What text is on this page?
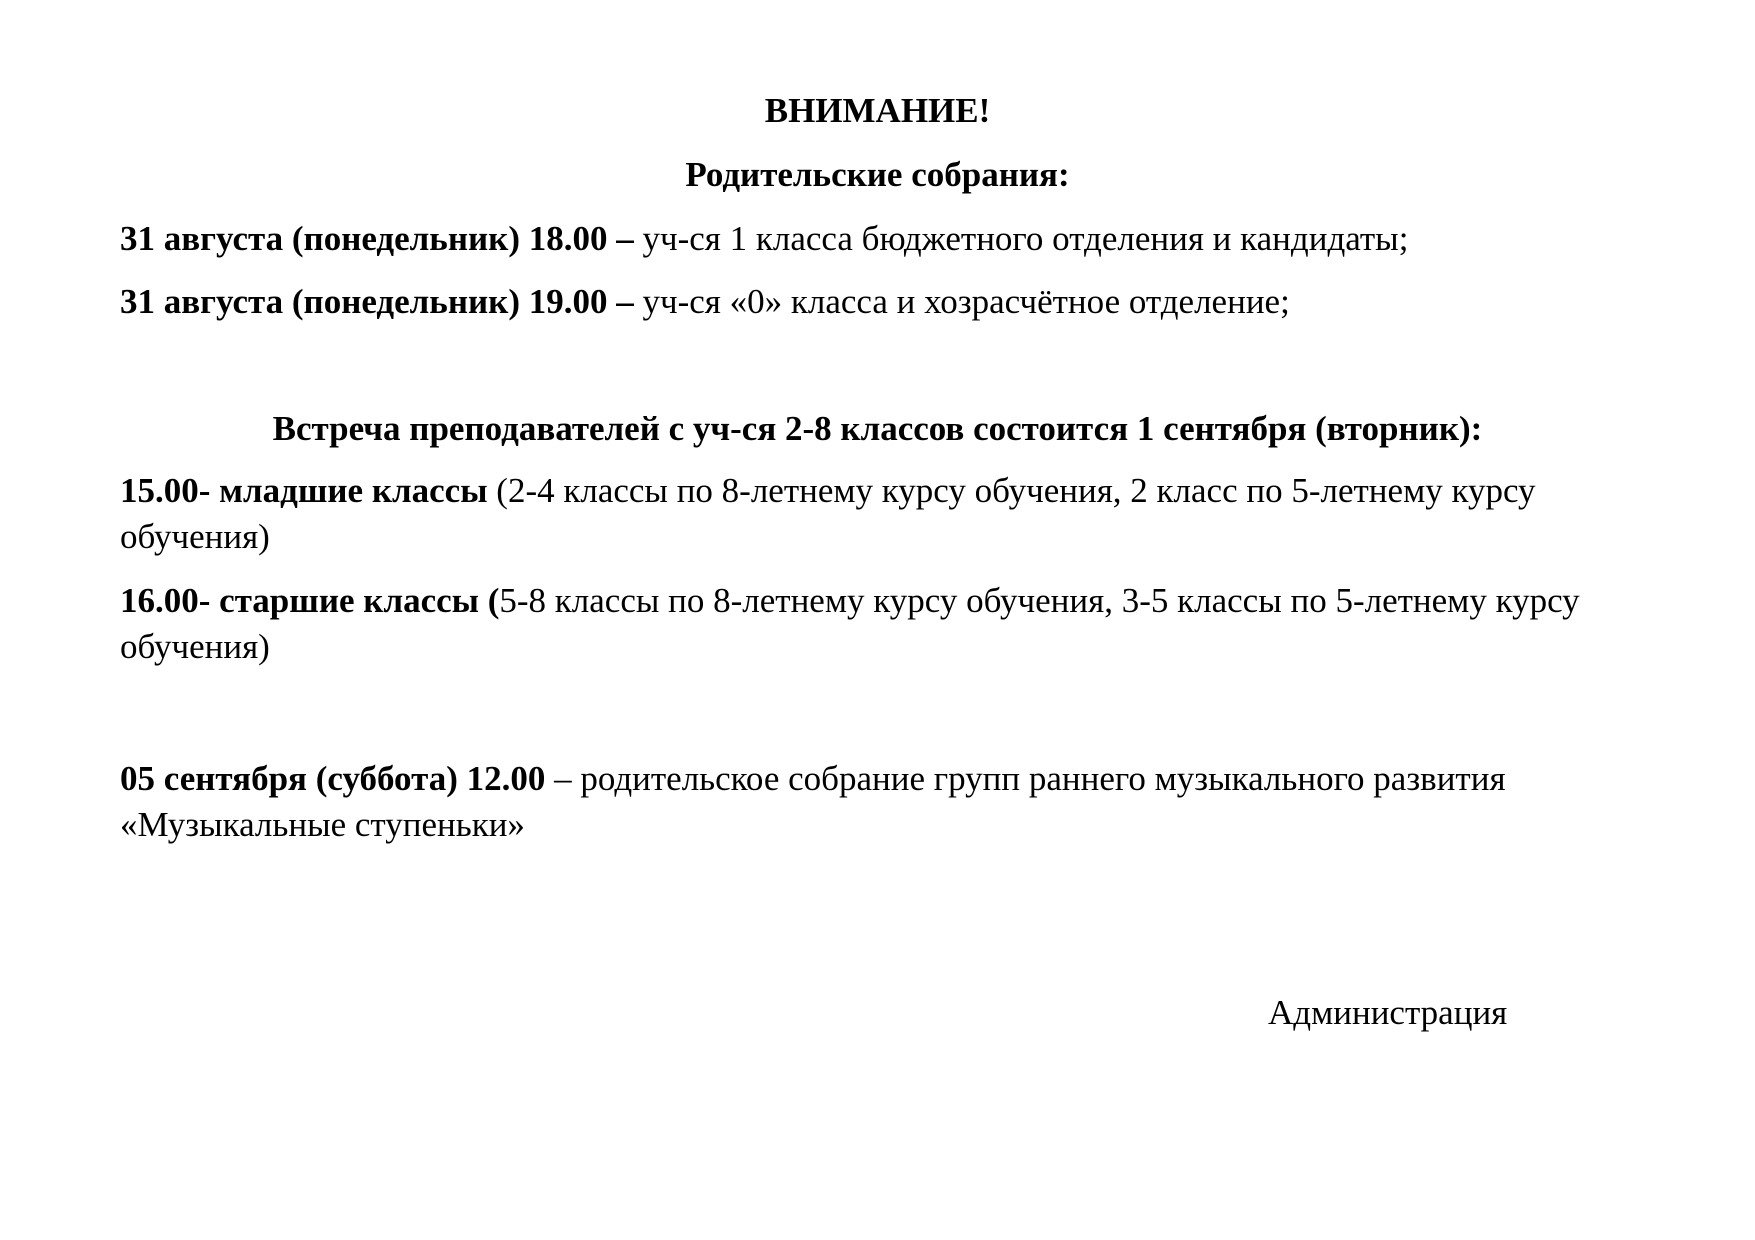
ВНИМАНИЕ!

Родительские собрания:

31 августа (понедельник) 18.00 – уч-ся 1 класса бюджетного отделения и кандидаты;

31 августа (понедельник) 19.00 – уч-ся «0» класса и хозрасчётное отделение;

Встреча преподавателей с уч-ся 2-8 классов состоится 1 сентября (вторник):

15.00- младшие классы (2-4 классы по 8-летнему курсу обучения, 2 класс по 5-летнему курсу обучения)

16.00- старшие классы (5-8 классы по 8-летнему курсу обучения, 3-5 классы по 5-летнему курсу обучения)

05 сентября (суббота) 12.00 – родительское собрание групп раннего музыкального развития «Музыкальные ступеньки»

Администрация
